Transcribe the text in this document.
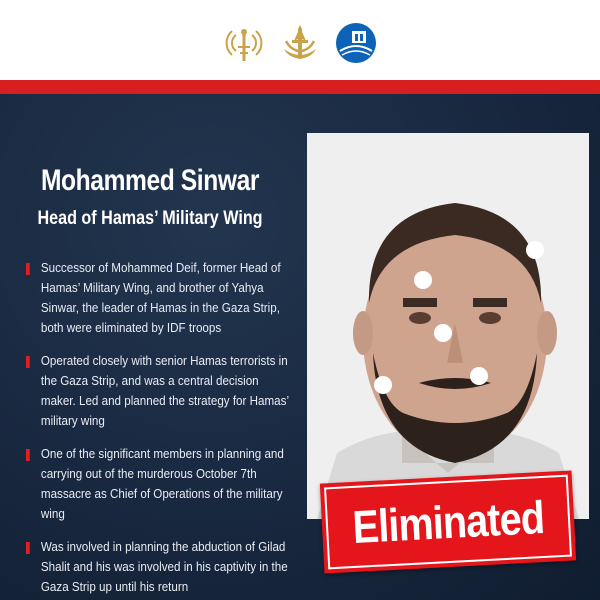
Mohammed Sinwar
Head of Hamas’ Military Wing
Successor of Mohammed Deif, former Head of Hamas’ Military Wing, and brother of Yahya Sinwar, the leader of Hamas in the Gaza Strip, both were eliminated by IDF troops
Operated closely with senior Hamas terrorists in the Gaza Strip, and was a central decision maker. Led and planned the strategy for Hamas’ military wing
One of the significant members in planning and carrying out of the murderous October 7th massacre as Chief of Operations of the military wing
Was involved in planning the abduction of Gilad Shalit and his was involved in his captivity in the Gaza Strip up until his return
Eliminated
